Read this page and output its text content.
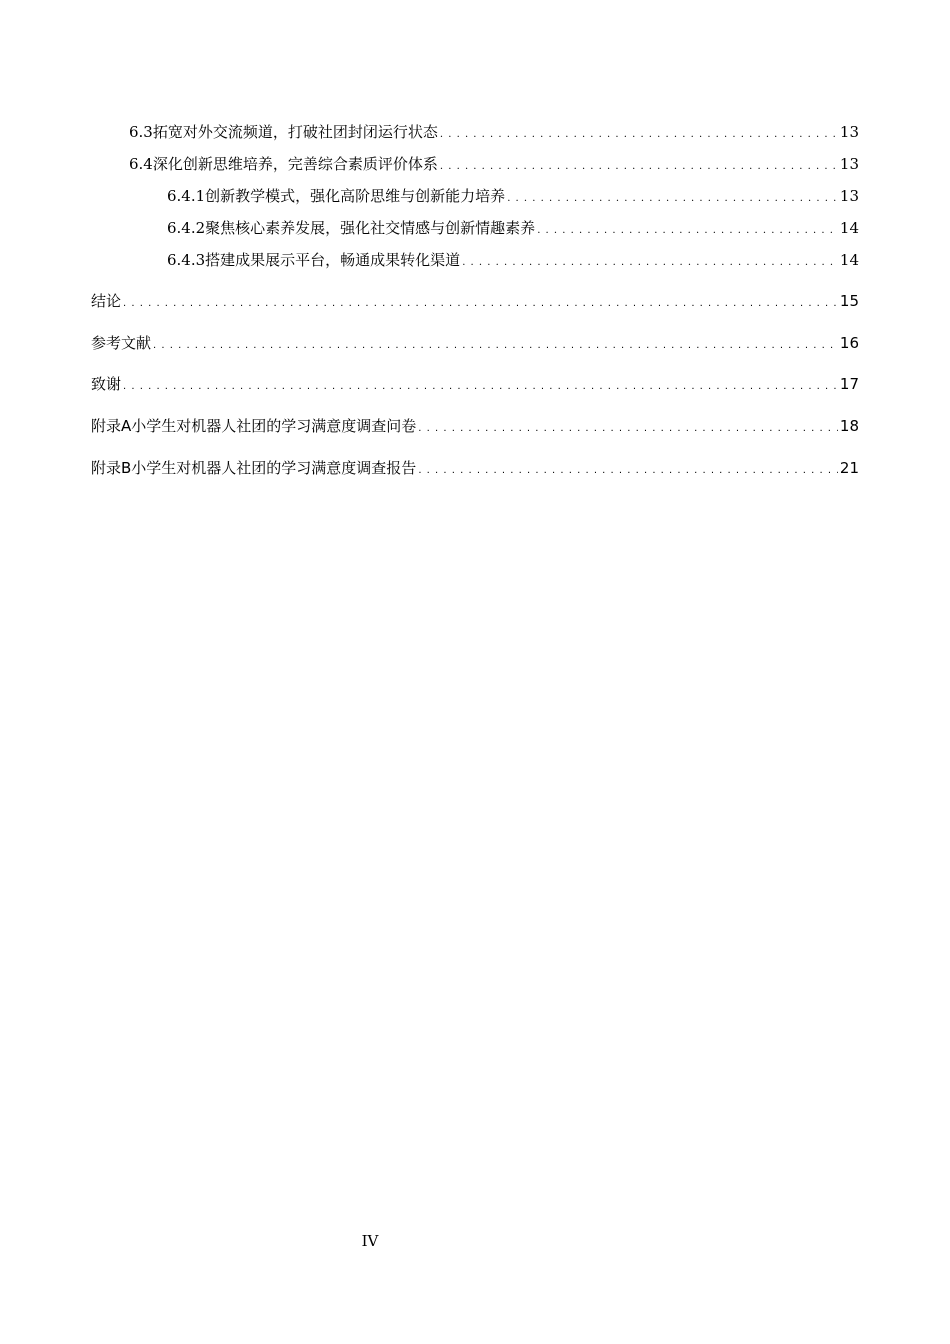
6.3 拓宽对外交流频道，打破社团封闭运行状态 . . .	13
6.4 深化创新思维培养，完善综合素质评价体系 . . .	13
6.4.1 创新教学模式，强化高阶思维与创新能力培养 . . .	13
6.4.2 聚焦核心素养发展，强化社交情感与创新情趣素养 . . .	14
6.4.3 搭建成果展示平台，畅通成果转化渠道 . . .	14
结论 . . .	15
参考文献 . . .	16
致谢 . . .	17
附录A 小学生对机器人社团的学习满意度调查问卷 . . .	18
附录B 小学生对机器人社团的学习满意度调查报告 . . .	21
IV
